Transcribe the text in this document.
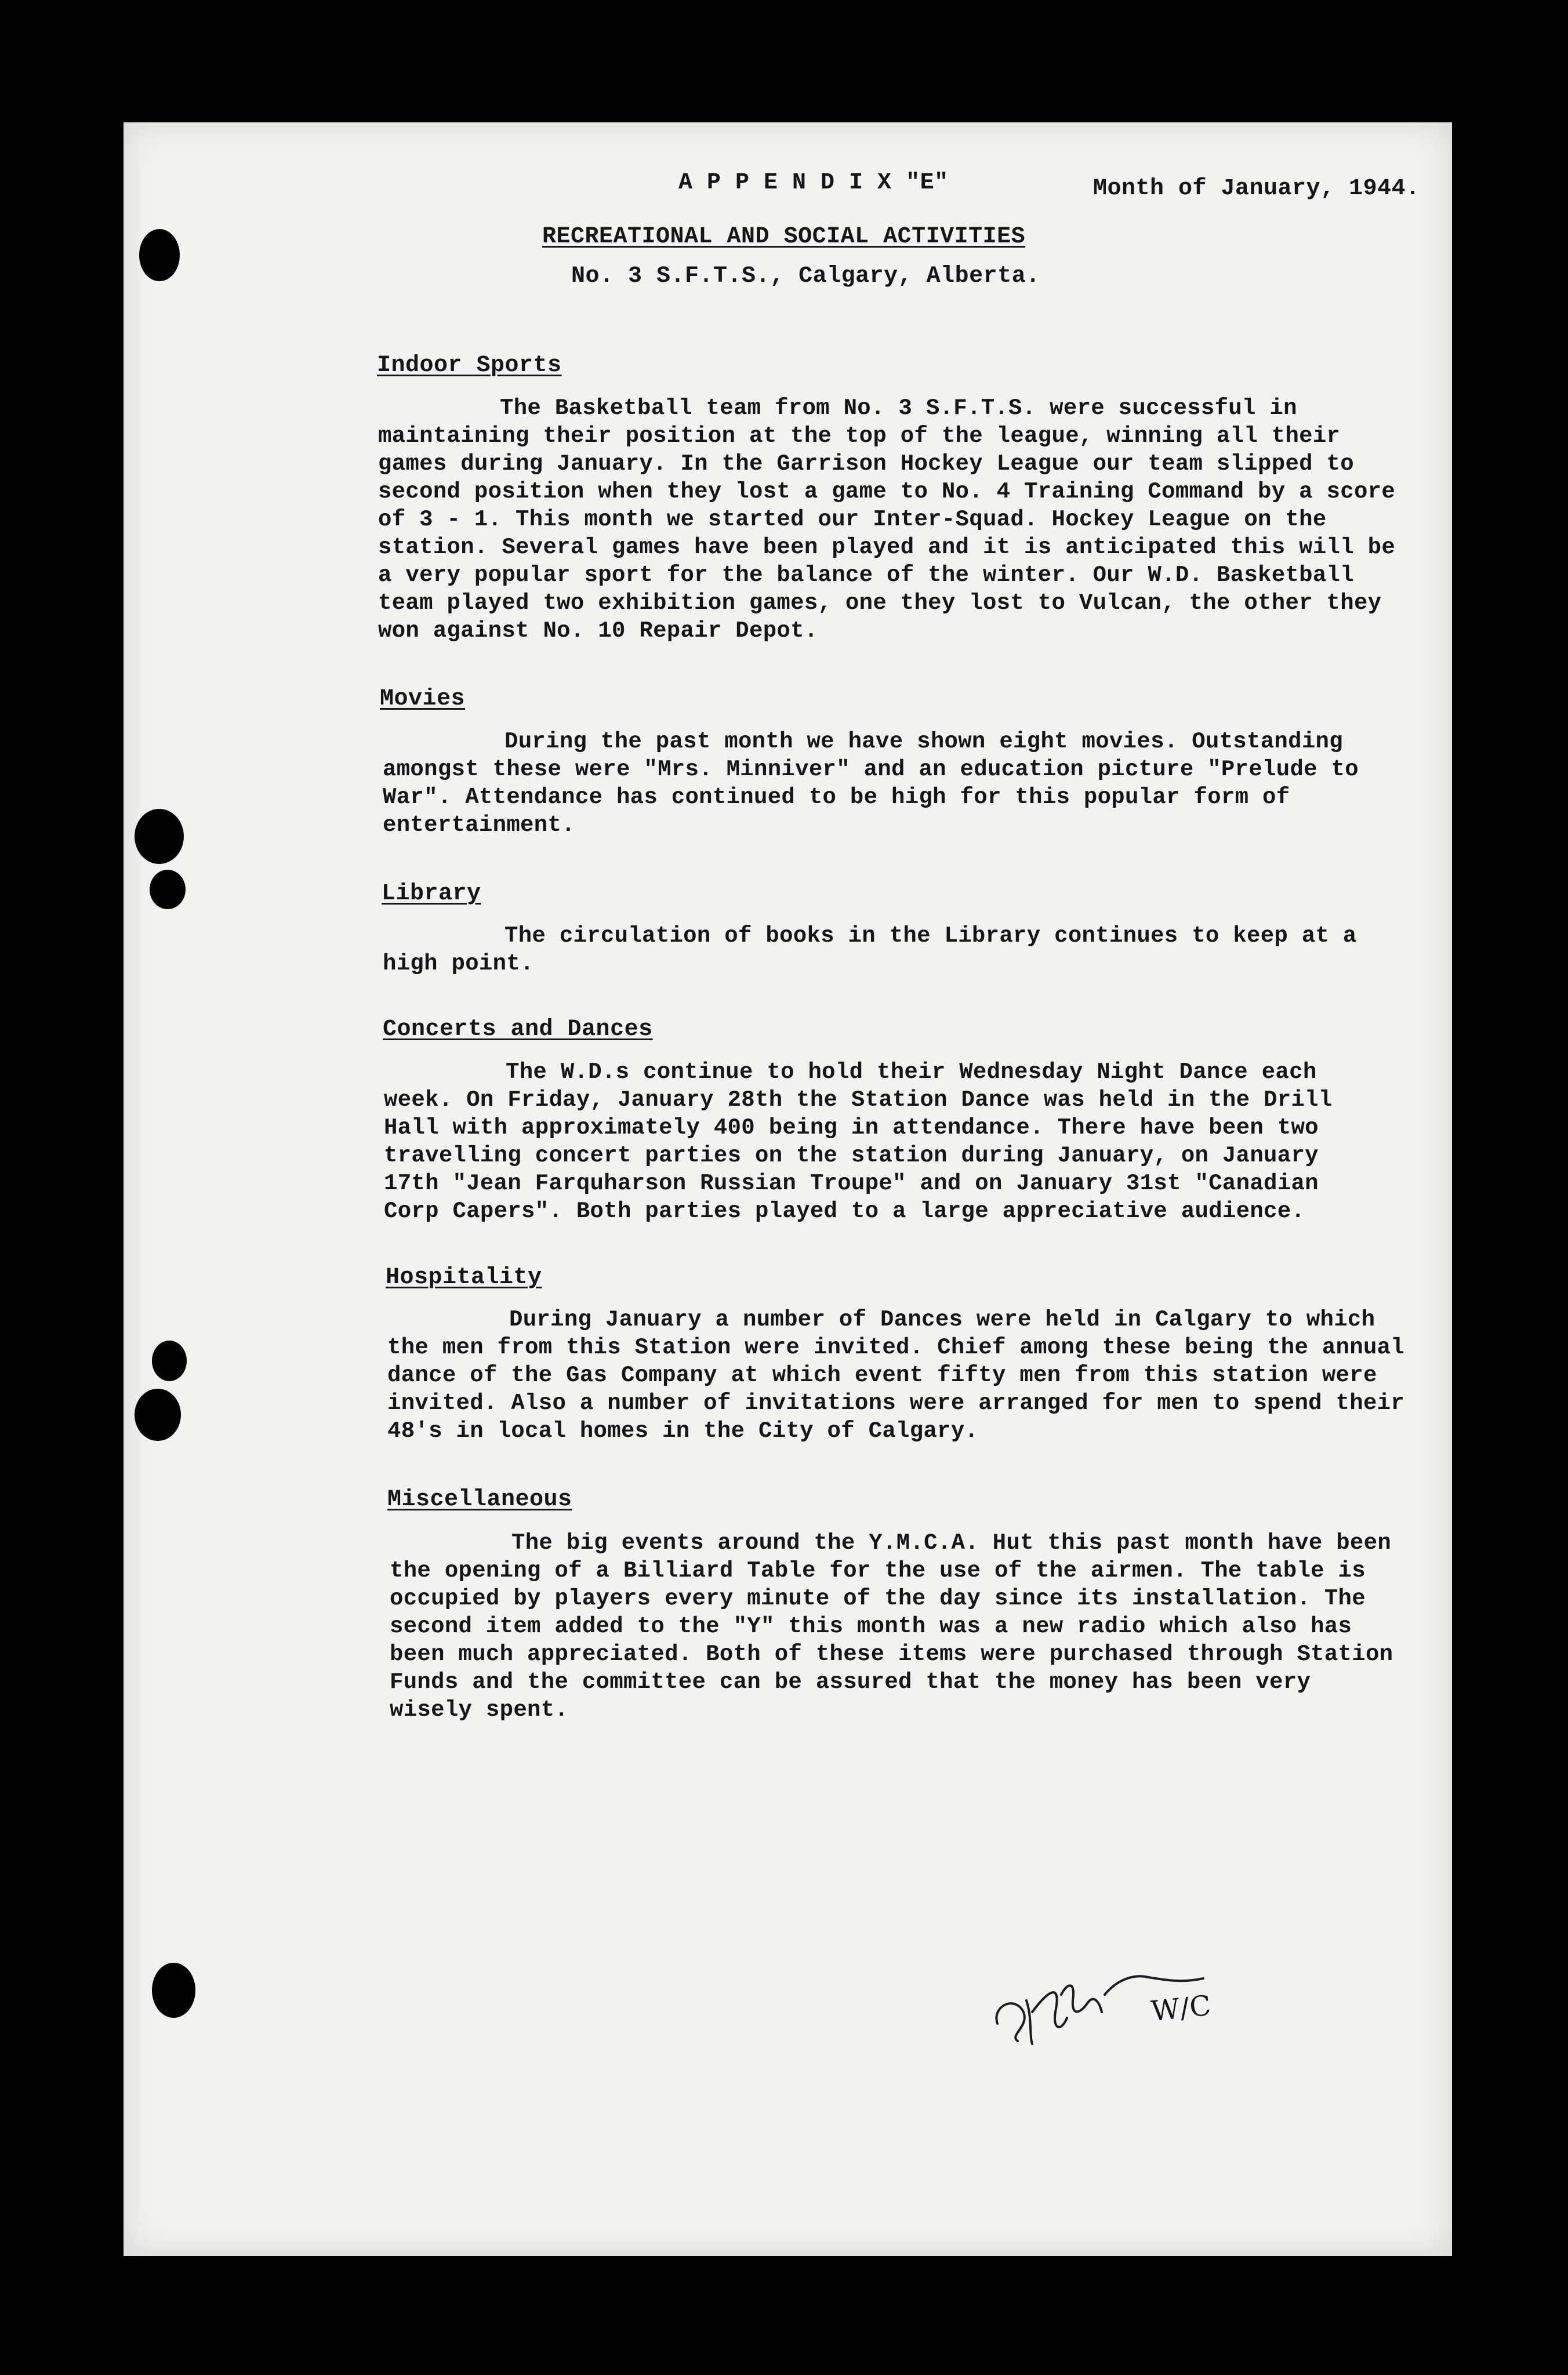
A P P E N D I X "E"	Month of January, 1944.
RECREATIONAL AND SOCIAL ACTIVITIES
No. 3 S.F.T.S., Calgary, Alberta.
Indoor Sports
The Basketball team from No. 3 S.F.T.S. were successful in maintaining their position at the top of the league, winning all their games during January. In the Garrison Hockey League our team slipped to second position when they lost a game to No. 4 Training Command by a score of 3 - 1. This month we started our Inter-Squad. Hockey League on the station. Several games have been played and it is anticipated this will be a very popular sport for the balance of the winter. Our W.D. Basketball team played two exhibition games, one they lost to Vulcan, the other they won against No. 10 Repair Depot.
Movies
During the past month we have shown eight movies. Outstanding amongst these were "Mrs. Minniver" and an education picture "Prelude to War". Attendance has continued to be high for this popular form of entertainment.
Library
The circulation of books in the Library continues to keep at a high point.
Concerts and Dances
The W.D.s continue to hold their Wednesday Night Dance each week. On Friday, January 28th the Station Dance was held in the Drill Hall with approximately 400 being in attendance. There have been two travelling concert parties on the station during January, on January 17th "Jean Farquharson Russian Troupe" and on January 31st "Canadian Corp Capers". Both parties played to a large appreciative audience.
Hospitality
During January a number of Dances were held in Calgary to which the men from this Station were invited. Chief among these being the annual dance of the Gas Company at which event fifty men from this station were invited. Also a number of invitations were arranged for men to spend their 48's in local homes in the City of Calgary.
Miscellaneous
The big events around the Y.M.C.A. Hut this past month have been the opening of a Billiard Table for the use of the airmen. The table is occupied by players every minute of the day since its installation. The second item added to the "Y" this month was a new radio which also has been much appreciated. Both of these items were purchased through Station Funds and the committee can be assured that the money has been very wisely spent.
W/C
